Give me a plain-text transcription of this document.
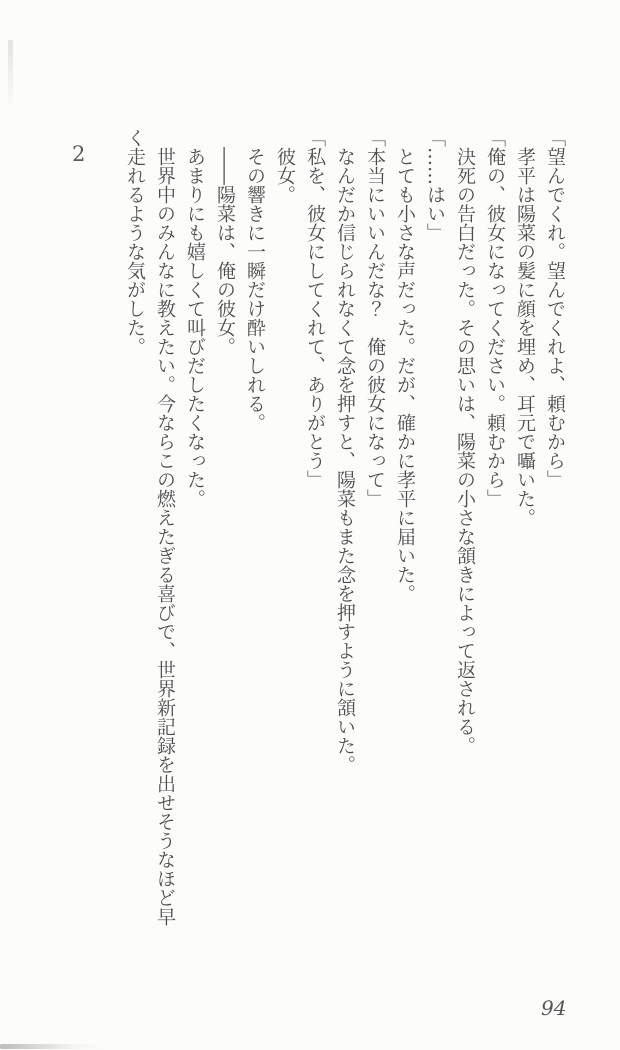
2	「望んでくれ。望んでくれよ、頼むから」
孝平は陽菜の髪に顔を埋め、耳元で囁いた。
「俺の、彼女になってください。頼むから」
決死の告白だった。その思いは、陽菜の小さな頷きによって返される。
「……はい」
とても小さな声だった。だが、確かに孝平に届いた。
「本当にいいんだな？　俺の彼女になって」
なんだか信じられなくて念を押すと、陽菜もまた念を押すように頷いた。
「私を、彼女にしてくれて、ありがとう」
彼女。
その響きに一瞬だけ酔いしれる。
――陽菜は、俺の彼女。
あまりにも嬉しくて叫びだしたくなった。
世界中のみんなに教えたい。今ならこの燃えたぎる喜びで、世界新記録を出せそうなほど早
く走れるような気がした。
94
